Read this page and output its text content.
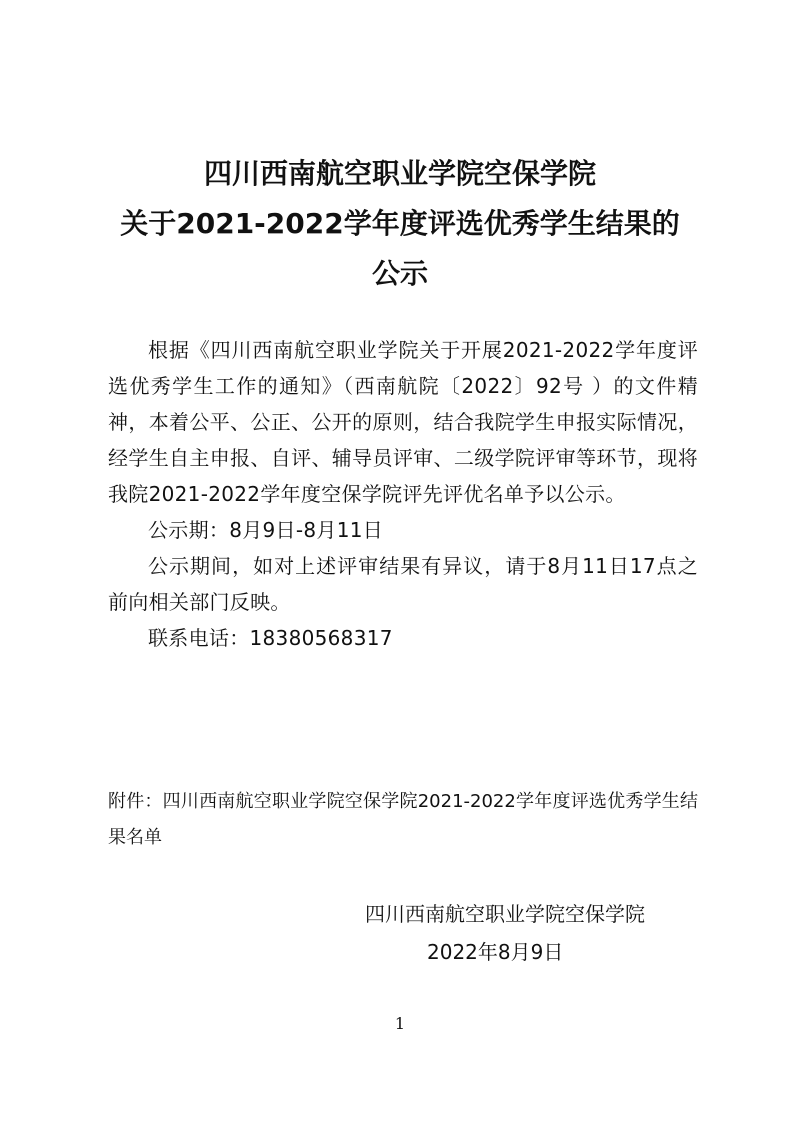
四川西南航空职业学院空保学院
关于2021-2022学年度评选优秀学生结果的
公示

根据《四川西南航空职业学院关于开展2021-2022学年度评选优秀学生工作的通知》（西南航院〔2022〕92号 ）的文件精神，本着公平、公正、公开的原则，结合我院学生申报实际情况，经学生自主申报、自评、辅导员评审、二级学院评审等环节，现将我院2021-2022学年度空保学院评先评优名单予以公示。

公示期：8月9日-8月11日

公示期间，如对上述评审结果有异议，请于8月11日17点之前向相关部门反映。

联系电话：18380568317

附件：四川西南航空职业学院空保学院2021-2022学年度评选优秀学生结果名单

四川西南航空职业学院空保学院
2022年8月9日
1
